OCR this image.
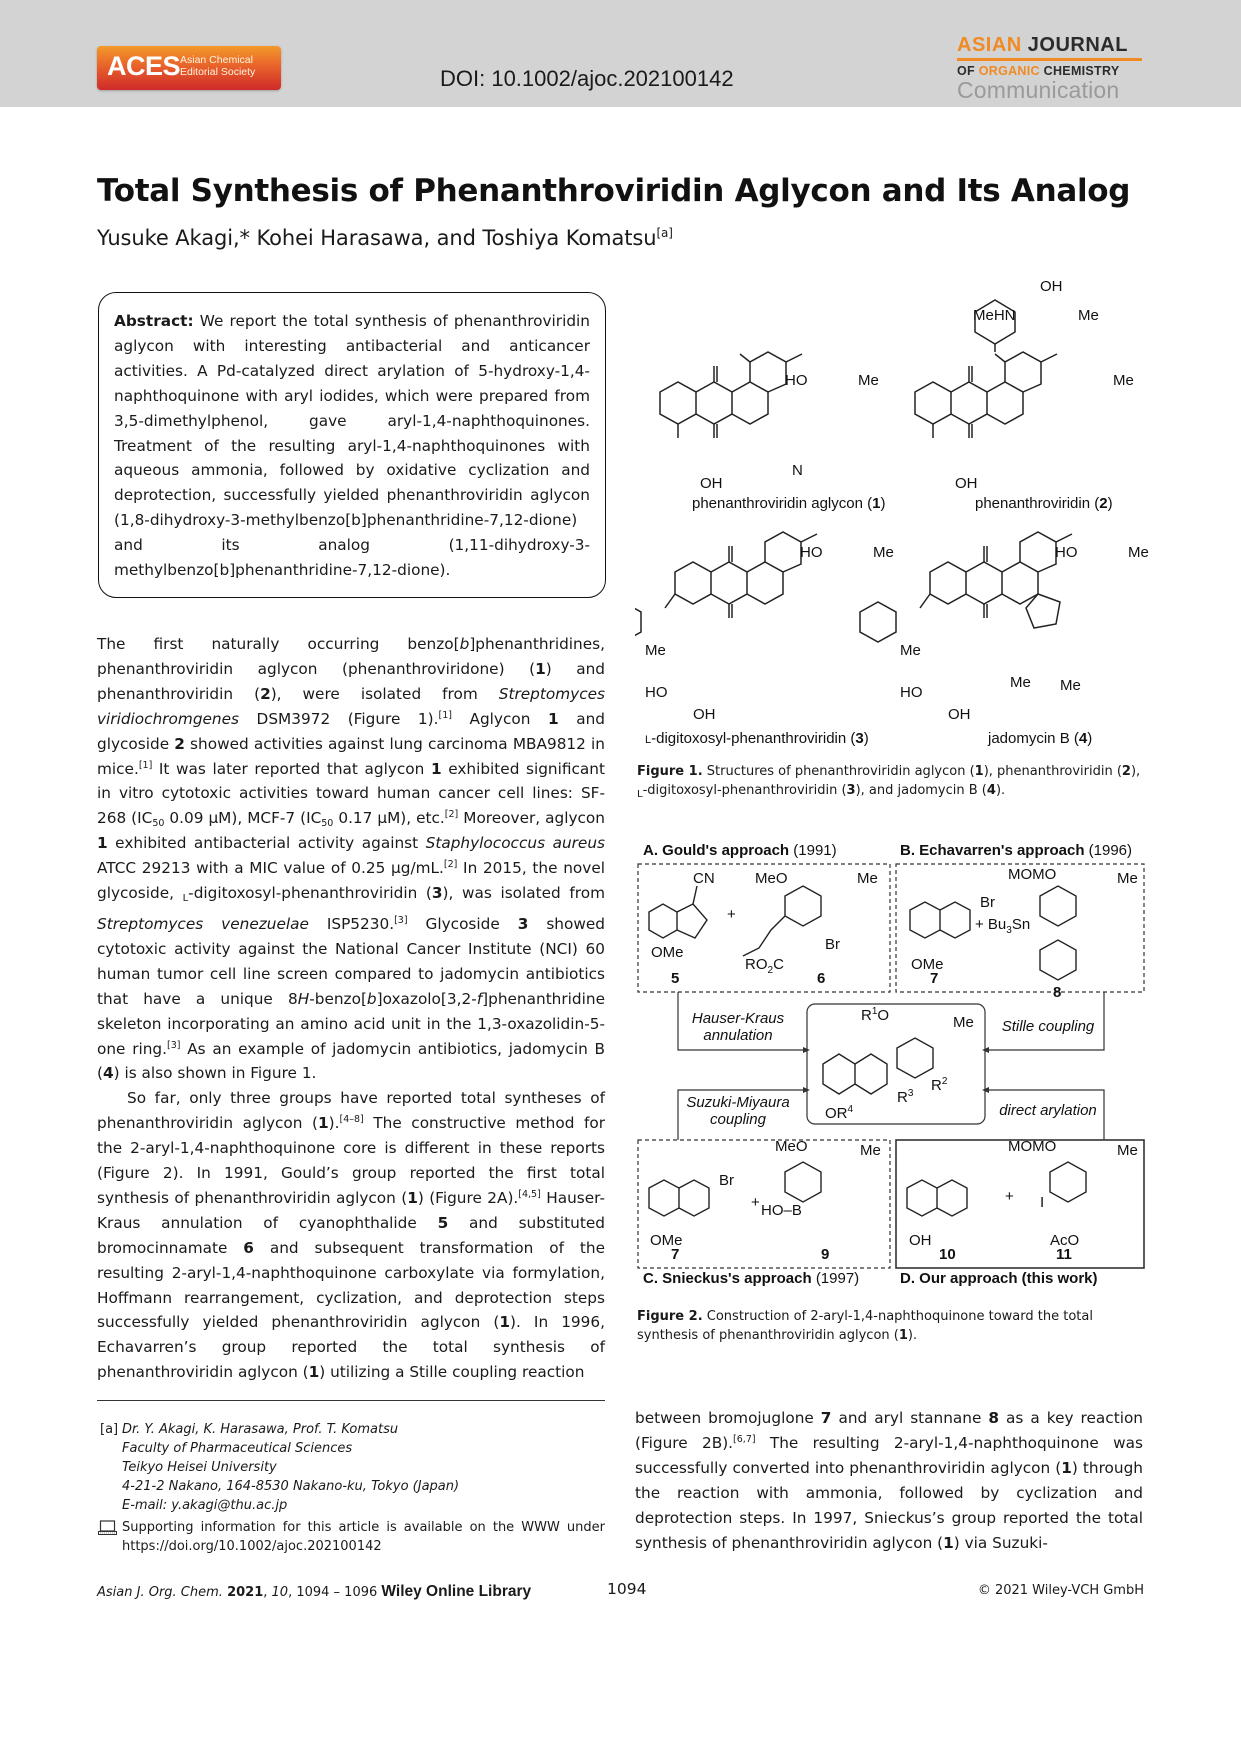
ACES Asian Chemical
Editorial Society	DOI: 10.1002/ajoc.202100142
ASIAN JOURNAL
OF ORGANIC CHEMISTRY
Communication
Total Synthesis of Phenanthroviridin Aglycon and Its Analog
Yusuke Akagi,* Kohei Harasawa, and Toshiya Komatsu[a]
Abstract: We report the total synthesis of phenanthroviridin aglycon with interesting antibacterial and anticancer activities. A Pd-catalyzed direct arylation of 5-hydroxy-1,4-naphthoquinone with aryl iodides, which were prepared from 3,5-dimethylphenol, gave aryl-1,4-naphthoquinones. Treatment of the resulting aryl-1,4-naphthoquinones with aqueous ammonia, followed by oxidative cyclization and deprotection, successfully yielded phenanthroviridin aglycon (1,8-dihydroxy-3-methylbenzo[b]phenanthridine-7,12-dione) and its analog (1,11-dihydroxy-3-methylbenzo[b]phenanthridine-7,12-dione).

The first naturally occurring benzo[b]phenanthridines, phenanthroviridin aglycon (phenanthroviridone) (1) and phenanthroviridin (2), were isolated from Streptomyces viridiochromgenes DSM3972 (Figure 1).[1] Aglycon 1 and glycoside 2 showed activities against lung carcinoma MBA9812 in mice.[1] It was later reported that aglycon 1 exhibited significant in vitro cytotoxic activities toward human cancer cell lines: SF-268 ($IC_{50}$ 0.09 μM), MCF-7 ($IC_{50}$ 0.17 μM), etc.[2] Moreover, aglycon 1 exhibited antibacterial activity against Staphylococcus aureus ATCC 29213 with a MIC value of 0.25 μg/mL.[2] In 2015, the novel glycoside, L-digitoxosyl-phenanthroviridin (3), was isolated from Streptomyces venezuelae ISP5230.[3] Glycoside 3 showed cytotoxic activity against the National Cancer Institute (NCI) 60 human tumor cell line screen compared to jadomycin antibiotics that have a unique 8H-benzo[b]oxazolo[3,2-f]phenanthridine skeleton incorporating an amino acid unit in the 1,3-oxazolidin-5-one ring.[3] As an example of jadomycin antibiotics, jadomycin B (4) is also shown in Figure 1.

So far, only three groups have reported total syntheses of phenanthroviridin aglycon (1).[4–8] The constructive method for the 2-aryl-1,4-naphthoquinone core is different in these reports (Figure 2). In 1991, Gould’s group reported the first total synthesis of phenanthroviridin aglycon (1) (Figure 2A).[4,5] Hauser-Kraus annulation of cyanophthalide 5 and substituted bromocinnamate 6 and subsequent transformation of the resulting 2-aryl-1,4-naphthoquinone carboxylate via formylation, Hoffmann rearrangement, cyclization, and deprotection steps successfully yielded phenanthroviridin aglycon (1). In 1996, Echavarren’s group reported the total synthesis of phenanthroviridin aglycon (1) utilizing a Stille coupling reaction

[a] Dr. Y. Akagi, K. Harasawa, Prof. T. Komatsu
Faculty of Pharmaceutical Sciences
Teikyo Heisei University
4-21-2 Nakano, 164-8530 Nakano-ku, Tokyo (Japan)
E-mail: y.akagi@thu.ac.jp
Supporting information for this article is available on the WWW under https://doi.org/10.1002/ajoc.202100142
HO	Me
OH
N
phenanthroviridin aglycon (1)
OH
MeHN	Me
Me
OH
phenanthroviridin (2)
HO	Me
Me
HO
OH
L-digitoxosyl-phenanthroviridin (3)
HO	Me
Me
Me Me
HO
OH
jadomycin B (4)
Figure 1. Structures of phenanthroviridin aglycon (1), phenanthroviridin (2), $_L$-digitoxosyl-phenanthroviridin (3), and jadomycin B (4).
A. Gould's approach (1991)	B. Echavarren's approach (1996)
CN
OMe
+
MeO	Me
Br
$RO_2C$
5	6
Br
OMe
MOMO	Me
+ $Bu_3Sn$
7
8
Hauser-Kraus
annulation
Stille coupling
Suzuki-Miyaura
coupling
direct arylation
$R^1O$	Me
$R^2$
$R^3$
$OR^4$
Br
OMe
+
MeO	Me
HO–B
7	9
OH
+
MOMO	Me
I
AcO
10	11
C. Snieckus's approach (1997)	D. Our approach (this work)
Figure 2. Construction of 2-aryl-1,4-naphthoquinone toward the total synthesis of phenanthroviridin aglycon (1).

between bromojuglone 7 and aryl stannane 8 as a key reaction (Figure 2B).[6,7] The resulting 2-aryl-1,4-naphthoquinone was successfully converted into phenanthroviridin aglycon (1) through the reaction with ammonia, followed by cyclization and deprotection steps. In 1997, Snieckus’s group reported the total synthesis of phenanthroviridin aglycon (1) via Suzuki-

Asian J. Org. Chem. 2021, 10, 1094 – 1096 Wiley Online Library	1094	© 2021 Wiley-VCH GmbH
